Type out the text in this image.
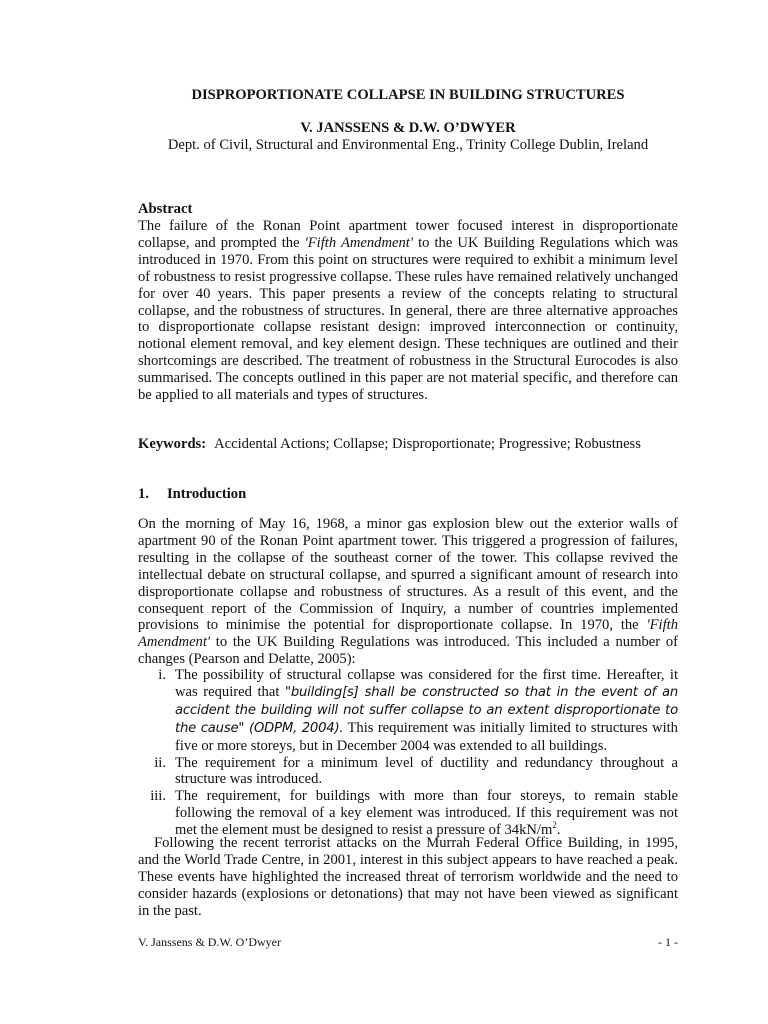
DISPROPORTIONATE COLLAPSE IN BUILDING STRUCTURES
V. JANSSENS & D.W. O’DWYER
Dept. of Civil, Structural and Environmental Eng., Trinity College Dublin, Ireland
Abstract

The failure of the Ronan Point apartment tower focused interest in disproportionate collapse, and prompted the 'Fifth Amendment' to the UK Building Regulations which was introduced in 1970. From this point on structures were required to exhibit a minimum level of robustness to resist progressive collapse. These rules have remained relatively unchanged for over 40 years. This paper presents a review of the concepts relating to structural collapse, and the robustness of structures. In general, there are three alternative approaches to disproportionate collapse resistant design: improved interconnection or continuity, notional element removal, and key element design. These techniques are outlined and their shortcomings are described. The treatment of robustness in the Structural Eurocodes is also summarised. The concepts outlined in this paper are not material specific, and therefore can be applied to all materials and types of structures.

Keywords: Accidental Actions; Collapse; Disproportionate; Progressive; Robustness

1. Introduction

On the morning of May 16, 1968, a minor gas explosion blew out the exterior walls of apartment 90 of the Ronan Point apartment tower. This triggered a progression of failures, resulting in the collapse of the southeast corner of the tower. This collapse revived the intellectual debate on structural collapse, and spurred a significant amount of research into disproportionate collapse and robustness of structures. As a result of this event, and the consequent report of the Commission of Inquiry, a number of countries implemented provisions to minimise the potential for disproportionate collapse. In 1970, the 'Fifth Amendment' to the UK Building Regulations was introduced. This included a number of changes (Pearson and Delatte, 2005):

i. The possibility of structural collapse was considered for the first time. Hereafter, it was required that "building[s] shall be constructed so that in the event of an accident the building will not suffer collapse to an extent disproportionate to the cause" (ODPM, 2004). This requirement was initially limited to structures with five or more storeys, but in December 2004 was extended to all buildings.
ii. The requirement for a minimum level of ductility and redundancy throughout a structure was introduced.
iii. The requirement, for buildings with more than four storeys, to remain stable following the removal of a key element was introduced. If this requirement was not met the element must be designed to resist a pressure of $34kN/m^2$.

Following the recent terrorist attacks on the Murrah Federal Office Building, in 1995, and the World Trade Centre, in 2001, interest in this subject appears to have reached a peak. These events have highlighted the increased threat of terrorism worldwide and the need to consider hazards (explosions or detonations) that may not have been viewed as significant in the past.

V. Janssens & D.W. O’Dwyer	- 1 -
